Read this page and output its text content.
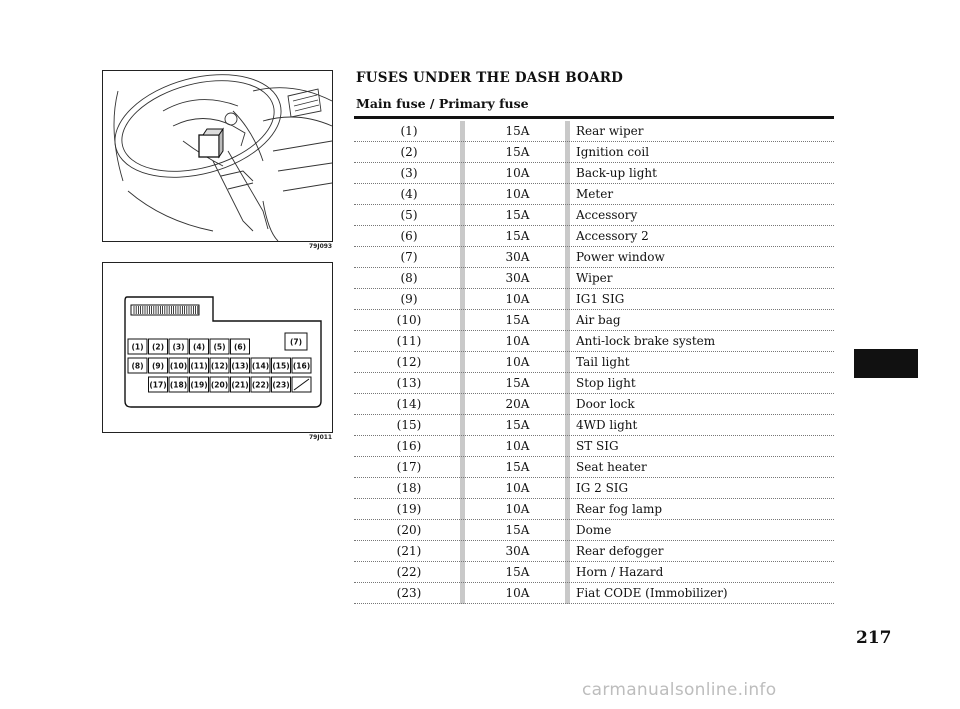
79J093
(1) (2) (3) (4) (5) (6)
(7)
(8) (9) (10) (11) (12) (13) (14) (15) (16)
(17) (18) (19) (20) (21) (22) (23)
79J011
FUSES UNDER THE DASH BOARD
Main fuse / Primary fuse
(1)	15A	Rear wiper
(2)	15A	Ignition coil
(3)	10A	Back-up light
(4)	10A	Meter
(5)	15A	Accessory
(6)	15A	Accessory 2
(7)	30A	Power window
(8)	30A	Wiper
(9)	10A	IG1 SIG
(10)	15A	Air bag
(11)	10A	Anti-lock brake system
(12)	10A	Tail light
(13)	15A	Stop light
(14)	20A	Door lock
(15)	15A	4WD light
(16)	10A	ST SIG
(17)	15A	Seat heater
(18)	10A	IG 2 SIG
(19)	10A	Rear fog lamp
(20)	15A	Dome
(21)	30A	Rear defogger
(22)	15A	Horn / Hazard
(23)	10A	Fiat CODE (Immobilizer)
217
carmanualsonline.info
